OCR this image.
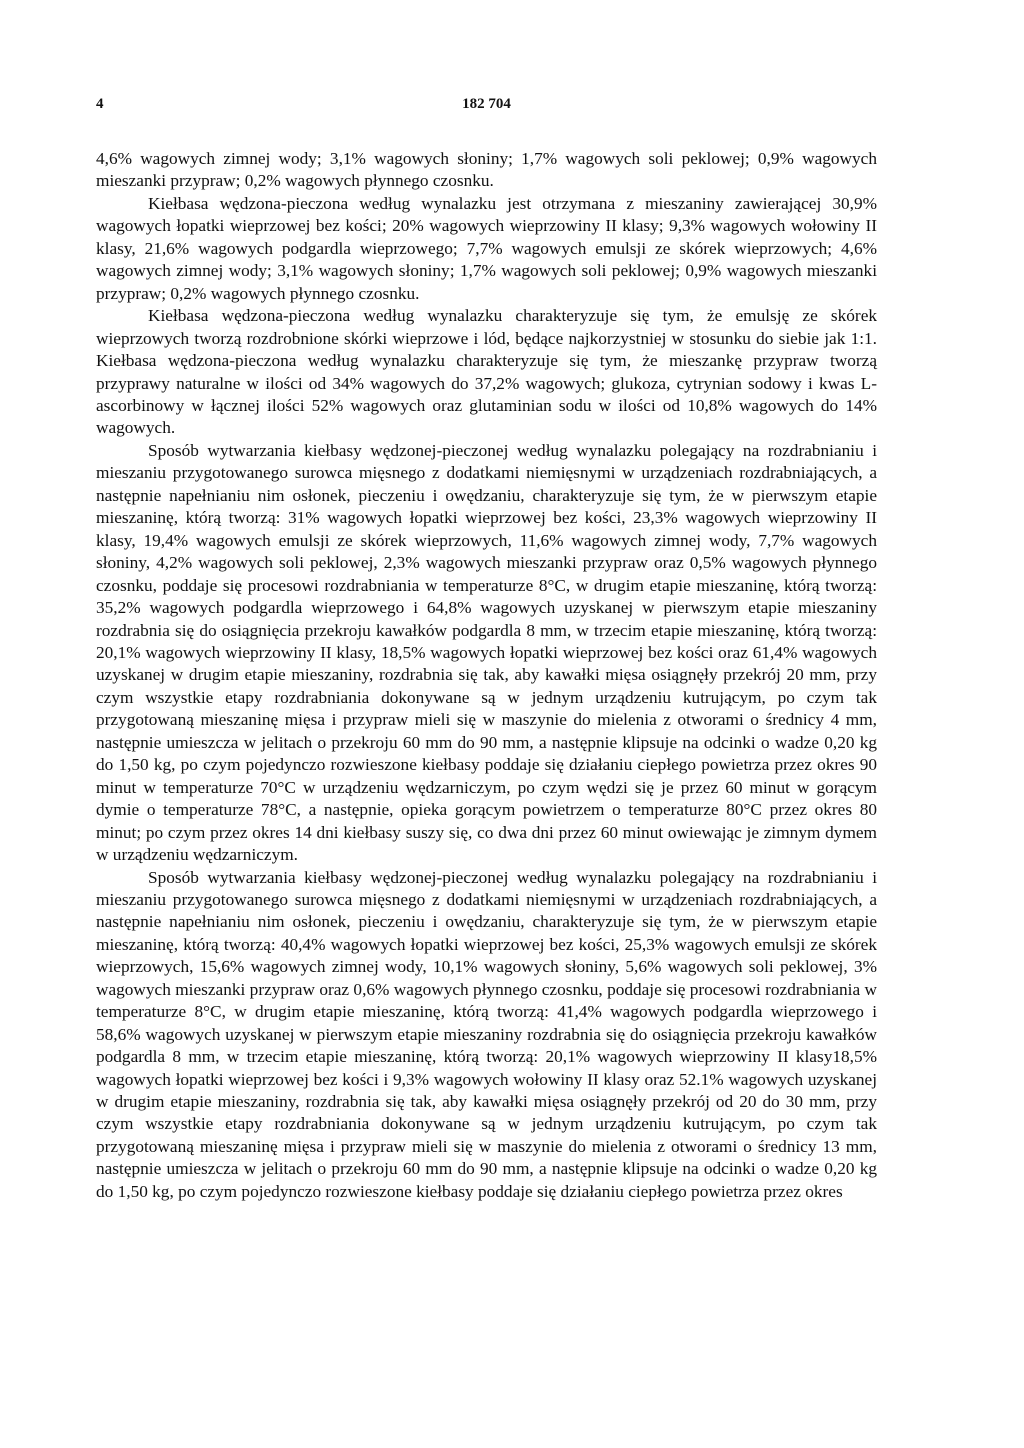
4	182 704

4,6% wagowych zimnej wody; 3,1% wagowych słoniny; 1,7% wagowych soli peklowej; 0,9% wagowych mieszanki przypraw; 0,2% wagowych płynnego czosnku.

Kiełbasa wędzona-pieczona według wynalazku jest otrzymana z mieszaniny zawierającej 30,9% wagowych łopatki wieprzowej bez kości; 20% wagowych wieprzowiny II klasy; 9,3% wagowych wołowiny II klasy, 21,6% wagowych podgardla wieprzowego; 7,7% wagowych emulsji ze skórek wieprzowych; 4,6% wagowych zimnej wody; 3,1% wagowych słoniny; 1,7% wagowych soli peklowej; 0,9% wagowych mieszanki przypraw; 0,2% wagowych płynnego czosnku.

Kiełbasa wędzona-pieczona według wynalazku charakteryzuje się tym, że emulsję ze skórek wieprzowych tworzą rozdrobnione skórki wieprzowe i lód, będące najkorzystniej w stosunku do siebie jak 1:1. Kiełbasa wędzona-pieczona według wynalazku charakteryzuje się tym, że mieszankę przypraw tworzą przyprawy naturalne w ilości od 34% wagowych do 37,2% wagowych; glukoza, cytrynian sodowy i kwas L-ascorbinowy w łącznej ilości 52% wagowych oraz glutaminian sodu w ilości od 10,8% wagowych do 14% wagowych.

Sposób wytwarzania kiełbasy wędzonej-pieczonej według wynalazku polegający na rozdrabnianiu i mieszaniu przygotowanego surowca mięsnego z dodatkami niemięsnymi w urządzeniach rozdrabniających, a następnie napełnianiu nim osłonek, pieczeniu i owędzaniu, charakteryzuje się tym, że w pierwszym etapie mieszaninę, którą tworzą: 31% wagowych łopatki wieprzowej bez kości, 23,3% wagowych wieprzowiny II klasy, 19,4% wagowych emulsji ze skórek wieprzowych, 11,6% wagowych zimnej wody, 7,7% wagowych słoniny, 4,2% wagowych soli peklowej, 2,3% wagowych mieszanki przypraw oraz 0,5% wagowych płynnego czosnku, poddaje się procesowi rozdrabniania w temperaturze 8°C, w drugim etapie mieszaninę, którą tworzą: 35,2% wagowych podgardla wieprzowego i 64,8% wagowych uzyskanej w pierwszym etapie mieszaniny rozdrabnia się do osiągnięcia przekroju kawałków podgardla 8 mm, w trzecim etapie mieszaninę, którą tworzą: 20,1% wagowych wieprzowiny II klasy, 18,5% wagowych łopatki wieprzowej bez kości oraz 61,4% wagowych uzyskanej w drugim etapie mieszaniny, rozdrabnia się tak, aby kawałki mięsa osiągnęły przekrój 20 mm, przy czym wszystkie etapy rozdrabniania dokonywane są w jednym urządzeniu kutrującym, po czym tak przygotowaną mieszaninę mięsa i przypraw mieli się w maszynie do mielenia z otworami o średnicy 4 mm, następnie umieszcza w jelitach o przekroju 60 mm do 90 mm, a następnie klipsuje na odcinki o wadze 0,20 kg do 1,50 kg, po czym pojedynczo rozwieszone kiełbasy poddaje się działaniu ciepłego powietrza przez okres 90 minut w temperaturze 70°C w urządzeniu wędzarniczym, po czym wędzi się je przez 60 minut w gorącym dymie o temperaturze 78°C, a następnie, opieka gorącym powietrzem o temperaturze 80°C przez okres 80 minut; po czym przez okres 14 dni kiełbasy suszy się, co dwa dni przez 60 minut owiewając je zimnym dymem w urządzeniu wędzarniczym.

Sposób wytwarzania kiełbasy wędzonej-pieczonej według wynalazku polegający na rozdrabnianiu i mieszaniu przygotowanego surowca mięsnego z dodatkami niemięsnymi w urządzeniach rozdrabniających, a następnie napełnianiu nim osłonek, pieczeniu i owędzaniu, charakteryzuje się tym, że w pierwszym etapie mieszaninę, którą tworzą: 40,4% wagowych łopatki wieprzowej bez kości, 25,3% wagowych emulsji ze skórek wieprzowych, 15,6% wagowych zimnej wody, 10,1% wagowych słoniny, 5,6% wagowych soli peklowej, 3% wagowych mieszanki przypraw oraz 0,6% wagowych płynnego czosnku, poddaje się procesowi rozdrabniania w temperaturze 8°C, w drugim etapie mieszaninę, którą tworzą: 41,4% wagowych podgardla wieprzowego i 58,6% wagowych uzyskanej w pierwszym etapie mieszaniny rozdrabnia się do osiągnięcia przekroju kawałków podgardla 8 mm, w trzecim etapie mieszaninę, którą tworzą: 20,1% wagowych wieprzowiny II klasy18,5% wagowych łopatki wieprzowej bez kości i 9,3% wagowych wołowiny II klasy oraz 52.1% wagowych uzyskanej w drugim etapie mieszaniny, rozdrabnia się tak, aby kawałki mięsa osiągnęły przekrój od 20 do 30 mm, przy czym wszystkie etapy rozdrabniania dokonywane są w jednym urządzeniu kutrującym, po czym tak przygotowaną mieszaninę mięsa i przypraw mieli się w maszynie do mielenia z otworami o średnicy 13 mm, następnie umieszcza w jelitach o przekroju 60 mm do 90 mm, a następnie klipsuje na odcinki o wadze 0,20 kg do 1,50 kg, po czym pojedynczo rozwieszone kiełbasy poddaje się działaniu ciepłego powietrza przez okres
